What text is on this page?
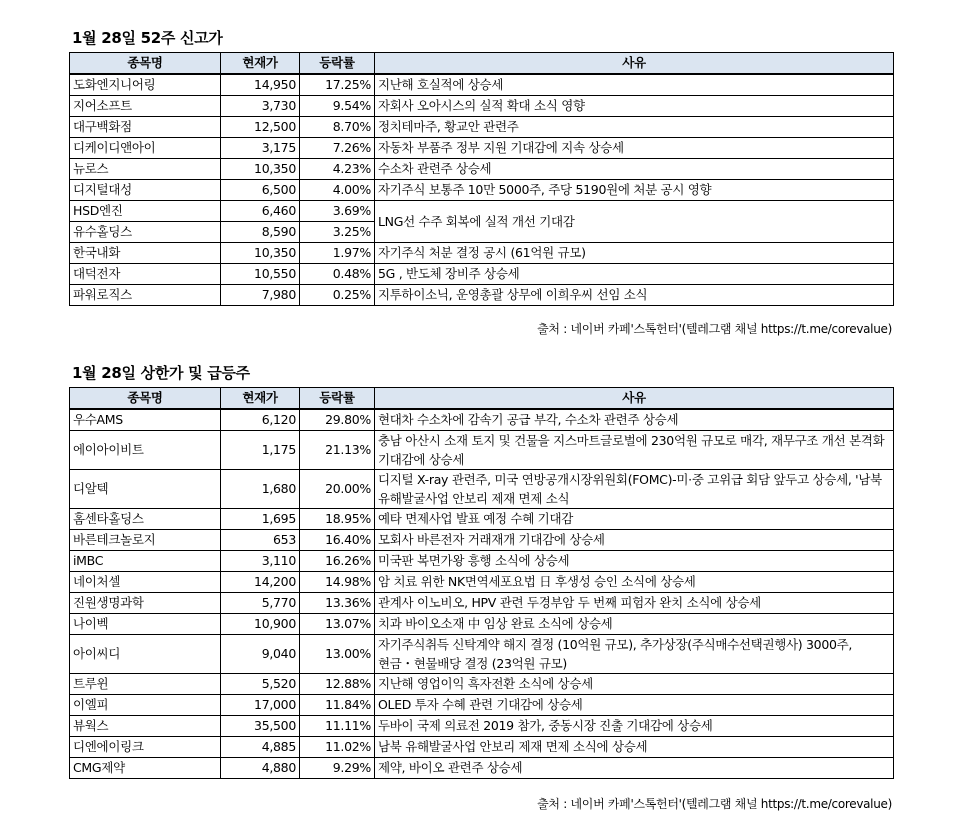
1월 28일 52주 신고가
종목명	현재가	등락률	사유
도화엔지니어링	14,950	17.25%	지난해 호실적에 상승세
지어소프트	3,730	9.54%	자회사 오아시스의 실적 확대 소식 영향
대구백화점	12,500	8.70%	정치테마주, 황교안 관련주
디케이디앤아이	3,175	7.26%	자동차 부품주 정부 지원 기대감에 지속 상승세
뉴로스	10,350	4.23%	수소차 관련주 상승세
디지털대성	6,500	4.00%	자기주식 보통주 10만 5000주, 주당 5190원에 처분 공시 영향
HSD엔진	6,460	3.69%	LNG선 수주 회복에 실적 개선 기대감
유수홀딩스	8,590	3.25%	
한국내화	10,350	1.97%	자기주식 처분 결정 공시 (61억원 규모)
대덕전자	10,550	0.48%	5G , 반도체 장비주 상승세
파워로직스	7,980	0.25%	지투하이소닉, 운영총괄 상무에 이희우씨 선임 소식
출처 : 네이버 카페'스톡헌터'(텔레그램 채널 https://t.me/corevalue)
1월 28일 상한가 및 급등주
종목명	현재가	등락률	사유
우수AMS	6,120	29.80%	현대차 수소차에 감속기 공급 부각, 수소차 관련주 상승세
에이아이비트	1,175	21.13%	충남 아산시 소재 토지 및 건물을 지스마트글로벌에 230억원 규모로 매각, 재무구조 개선 본격화 기대감에 상승세
디알텍	1,680	20.00%	디지털 X-ray 관련주, 미국 연방공개시장위원회(FOMC)-미·중 고위급 회담 앞두고 상승세, '남북 유해발굴사업 안보리 제재 면제 소식
홈센타홀딩스	1,695	18.95%	예타 면제사업 발표 예정 수혜 기대감
바른테크놀로지	653	16.40%	모회사 바른전자 거래재개 기대감에 상승세
iMBC	3,110	16.26%	미국판 복면가왕 흥행 소식에 상승세
네이처셀	14,200	14.98%	암 치료 위한 NK면역세포요법 日 후생성 승인 소식에 상승세
진원생명과학	5,770	13.36%	관계사 이노비오, HPV 관련 두경부암 두 번째 피험자 완치 소식에 상승세
나이벡	10,900	13.07%	치과 바이오소재 中 임상 완료 소식에 상승세
아이씨디	9,040	13.00%	자기주식취득 신탁계약 해지 결정 (10억원 규모), 추가상장(주식매수선택권행사) 3000주, 현금・현물배당 결정 (23억원 규모)
트루윈	5,520	12.88%	지난해 영업이익 흑자전환 소식에 상승세
이엘피	17,000	11.84%	OLED 투자 수혜 관련 기대감에 상승세
뷰웍스	35,500	11.11%	두바이 국제 의료전 2019 참가, 중동시장 진출 기대감에 상승세
디엔에이링크	4,885	11.02%	남북 유해발굴사업 안보리 제재 면제 소식에 상승세
CMG제약	4,880	9.29%	제약, 바이오 관련주 상승세
출처 : 네이버 카페'스톡헌터'(텔레그램 채널 https://t.me/corevalue)
